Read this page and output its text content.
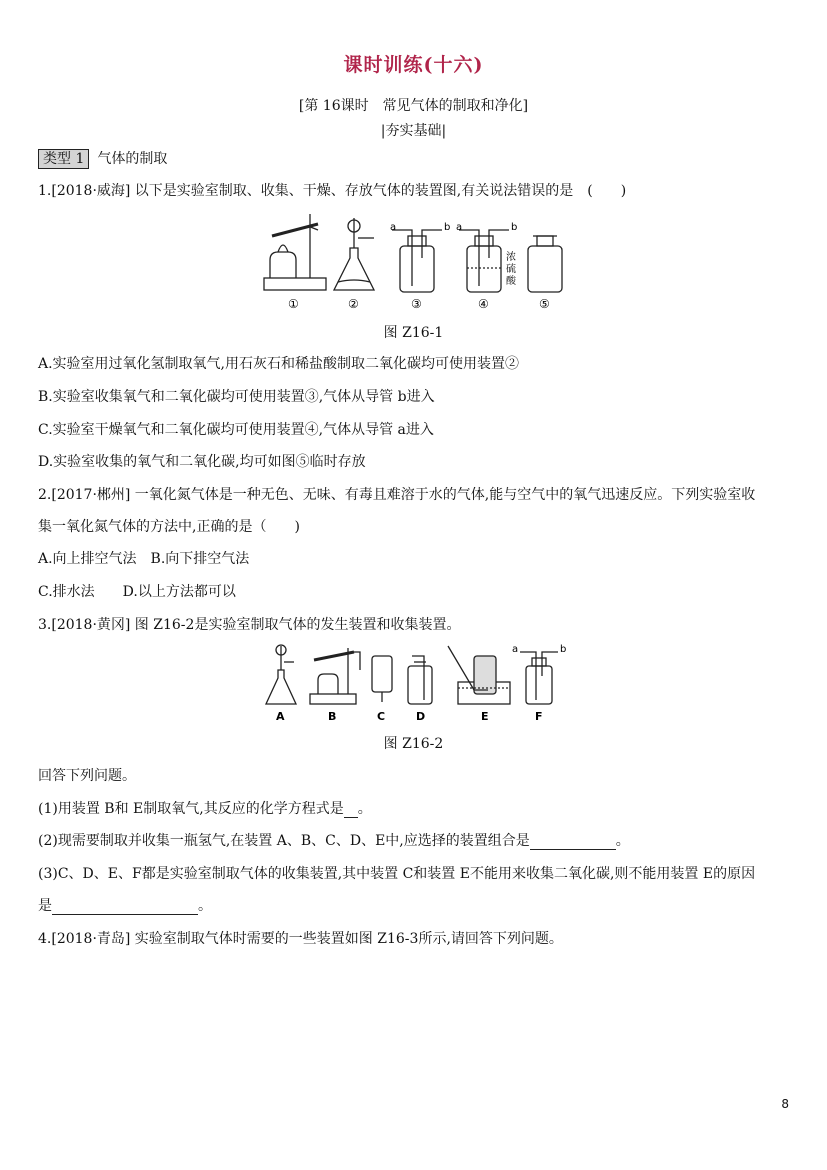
课时训练(十六)
[第 16课时　常见气体的制取和净化]
|夯实基础|
类型 1 气体的制取
1.[2018·威海] 以下是实验室制取、收集、干燥、存放气体的装置图,有关说法错误的是　(　　)
a	b a	b
浓
硫
酸
①	②	③	④	⑤
图 Z16-1
A.实验室用过氧化氢制取氧气,用石灰石和稀盐酸制取二氧化碳均可使用装置②
B.实验室收集氧气和二氧化碳均可使用装置③,气体从导管 b进入
C.实验室干燥氧气和二氧化碳均可使用装置④,气体从导管 a进入
D.实验室收集的氧气和二氧化碳,均可如图⑤临时存放
2.[2017·郴州] 一氧化氮气体是一种无色、无味、有毒且难溶于水的气体,能与空气中的氧气迅速反应。下列实验室收
集一氧化氮气体的方法中,正确的是（　　)
A.向上排空气法　B.向下排空气法
C.排水法　　D.以上方法都可以
3.[2018·黄冈] 图 Z16-2是实验室制取气体的发生装置和收集装置。
a	b
A	B	C	D	E	F
图 Z16-2
回答下列问题。
(1)用装置 B和 E制取氧气,其反应的化学方程式是 。
(2)现需要制取并收集一瓶氢气,在装置 A、B、C、D、E中,应选择的装置组合是	。
(3)C、D、E、F都是实验室制取气体的收集装置,其中装置 C和装置 E不能用来收集二氧化碳,则不能用装置 E的原因
是	。
4.[2018·青岛] 实验室制取气体时需要的一些装置如图 Z16-3所示,请回答下列问题。
8
